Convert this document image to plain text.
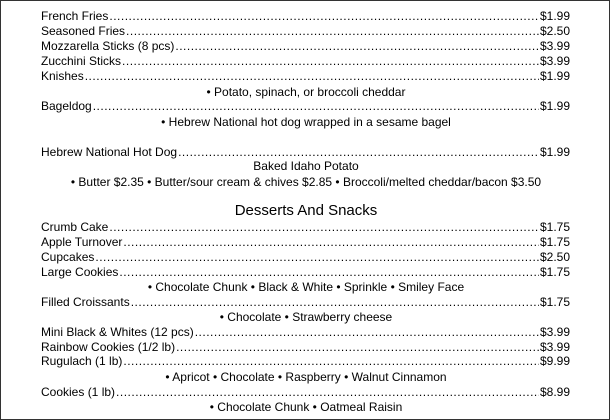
French Fries .....	$1.99
Seasoned Fries .....	$2.50
Mozzarella Sticks (8 pcs) .....	$3.99
Zucchini Sticks .....	$3.99
Knishes .....	$1.99
• Potato, spinach, or broccoli cheddar
Bageldog .....	$1.99
• Hebrew National hot dog wrapped in a sesame bagel
Hebrew National Hot Dog .....	$1.99
Baked Idaho Potato
• Butter $2.35 • Butter/sour cream & chives $2.85 • Broccoli/melted cheddar/bacon $3.50
Desserts And Snacks
Crumb Cake .....	$1.75
Apple Turnover .....	$1.75
Cupcakes .....	$2.50
Large Cookies .....	$1.75
• Chocolate Chunk • Black & White • Sprinkle • Smiley Face
Filled Croissants .....	$1.75
• Chocolate • Strawberry cheese
Mini Black & Whites (12 pcs) .....	$3.99
Rainbow Cookies (1/2 lb) .....	$3.99
Rugulach (1 lb) .....	$9.99
• Apricot • Chocolate • Raspberry • Walnut Cinnamon
Cookies (1 lb) .....	$8.99
• Chocolate Chunk • Oatmeal Raisin
